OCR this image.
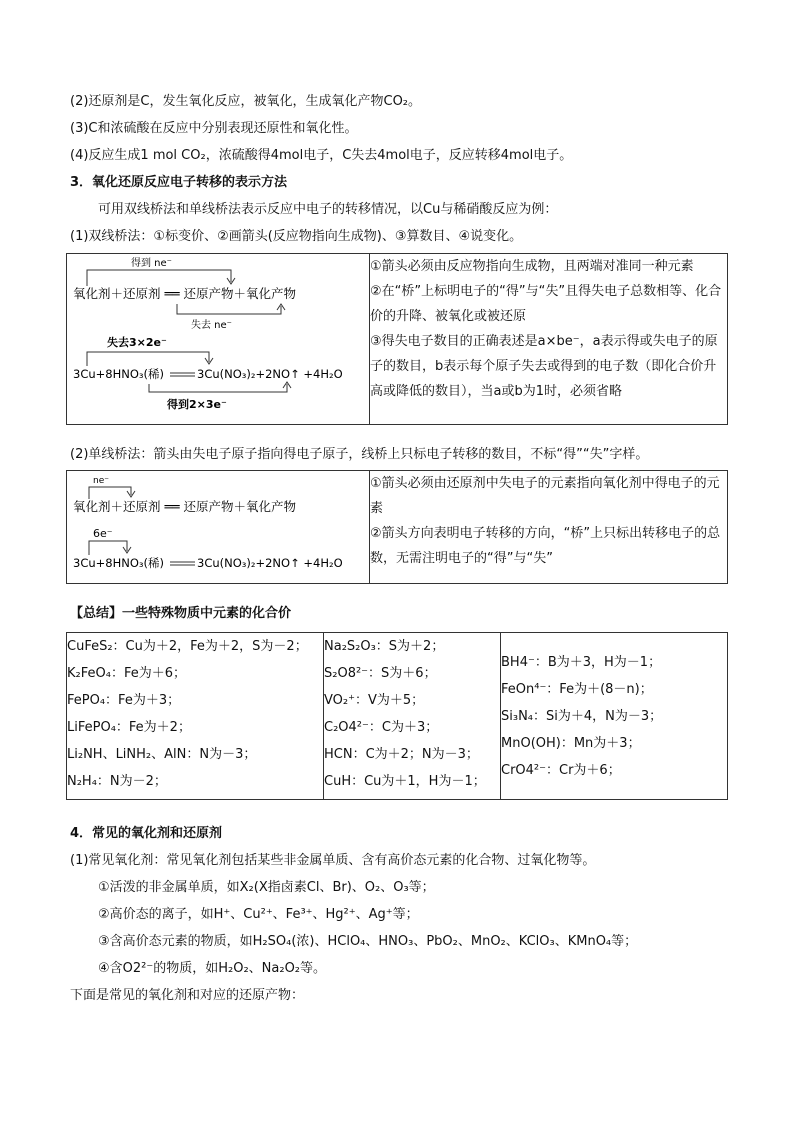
(2)还原剂是C，发生氧化反应，被氧化，生成氧化产物CO₂。
(3)C和浓硫酸在反应中分别表现还原性和氧化性。
(4)反应生成1 mol CO₂，浓硫酸得4mol电子，C失去4mol电子，反应转移4mol电子。
3．氧化还原反应电子转移的表示方法
可用双线桥法和单线桥法表示反应中电子的转移情况，以Cu与稀硝酸反应为例：
(1)双线桥法：①标变价、②画箭头(反应物指向生成物)、③算数目、④说变化。
得到 ne⁻
氧化剂＋还原剂 ══ 还原产物＋氧化产物
失去 ne⁻
失去3×2e⁻
3Cu+8HNO₃(稀)	3Cu(NO₃)₂+2NO↑ +4H₂O
得到2×3e⁻

①箭头必须由反应物指向生成物，且两端对准同一种元素
②在“桥”上标明电子的“得”与“失”且得失电子总数相等、化合价的升降、被氧化或被还原
③得失电子数目的正确表述是a×be⁻，a表示得或失电子的原子的数目，b表示每个原子失去或得到的电子数（即化合价升高或降低的数目），当a或b为1时，必须省略
(2)单线桥法：箭头由失电子原子指向得电子原子，线桥上只标电子转移的数目，不标“得”“失”字样。
ne⁻
氧化剂＋还原剂 ══ 还原产物＋氧化产物
6e⁻
3Cu+8HNO₃(稀)	3Cu(NO₃)₂+2NO↑ +4H₂O

①箭头必须由还原剂中失电子的元素指向氧化剂中得电子的元素
②箭头方向表明电子转移的方向，“桥”上只标出转移电子的总数，无需注明电子的“得”与“失”
【总结】一些特殊物质中元素的化合价
CuFeS₂：Cu为＋2，Fe为＋2，S为－2；
K₂FeO₄：Fe为＋6；
FePO₄：Fe为＋3；
LiFePO₄：Fe为＋2；
Li₂NH、LiNH₂、AlN：N为－3；
N₂H₄：N为－2；

Na₂S₂O₃：S为＋2；
S₂O8²⁻：S为＋6；
VO₂⁺：V为＋5；
C₂O4²⁻：C为＋3；
HCN：C为＋2；N为－3；
CuH：Cu为＋1，H为－1；

BH4⁻：B为＋3，H为－1；
FeOn⁴⁻：Fe为＋(8－n)；
Si₃N₄：Si为＋4，N为－3；
MnO(OH)：Mn为＋3；
CrO4²⁻：Cr为＋6；
4．常见的氧化剂和还原剂
(1)常见氧化剂：常见氧化剂包括某些非金属单质、含有高价态元素的化合物、过氧化物等。
①活泼的非金属单质，如X₂(X指卤素Cl、Br)、O₂、O₃等；
②高价态的离子，如H⁺、Cu²⁺、Fe³⁺、Hg²⁺、Ag⁺等；
③含高价态元素的物质，如H₂SO₄(浓)、HClO₄、HNO₃、PbO₂、MnO₂、KClO₃、KMnO₄等；
④含O2²⁻的物质，如H₂O₂、Na₂O₂等。
下面是常见的氧化剂和对应的还原产物：
